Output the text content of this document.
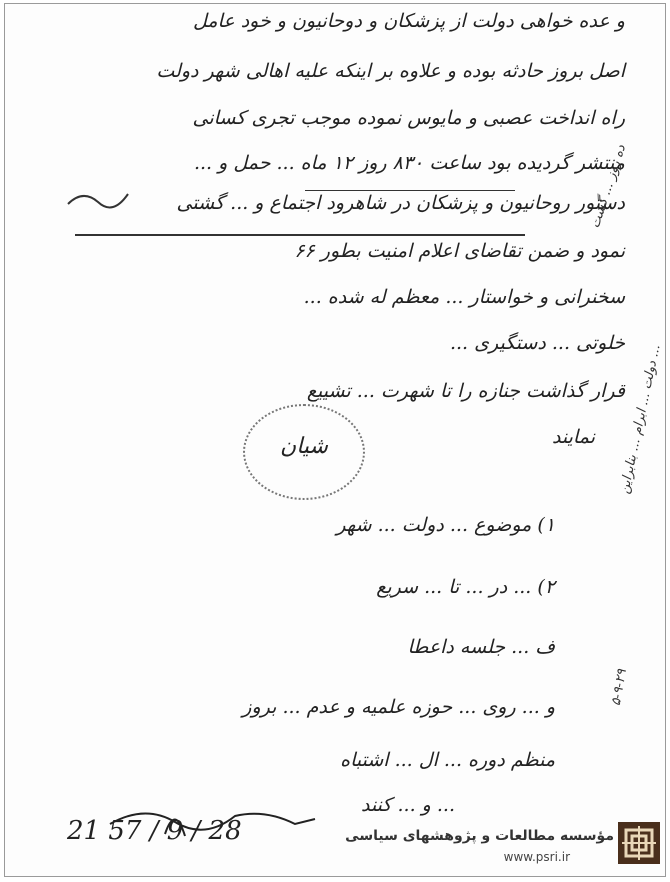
و عده خواهی دولت از پزشکان و دوحانیون و خود عامل
اصل بروز حادثه بوده و علاوه بر اینکه علیه اهالی شهر دولت
راه انداخت عصبی و مایوس نموده موجب تجری کسانی
منتشر گردیده بود ساعت ۸۳۰ روز ۱۲ ماه ... حمل و ...
دستور روحانیون و پزشکان در شاهرود اجتماع و ... گشتی
نمود و ضمن تقاضای اعلام امنیت بطور ۶۶
سخنرانی و خواستار ... معظم له شده ...
خلوتی ... دستگیری ...
قرار گذاشت جنازه را تا شهرت ... تشییع
نمایند
۱) موضوع ... دولت ... شهر
۲) ... در ... تا ... سریع
ف ... جلسه داعطا
و ... روی ... حوزه علمیه و عدم ... بروز
منظم دوره ... ال ... اشتباه
... و ... کنند
شیان
ده روز ... گشت
... دولت ... ابرام ... بنابراین
۵-۹-۲۹
21 57 / 9 / 28	مؤسسه مطالعات و پژوهشهای سیاسی
www.psri.ir
